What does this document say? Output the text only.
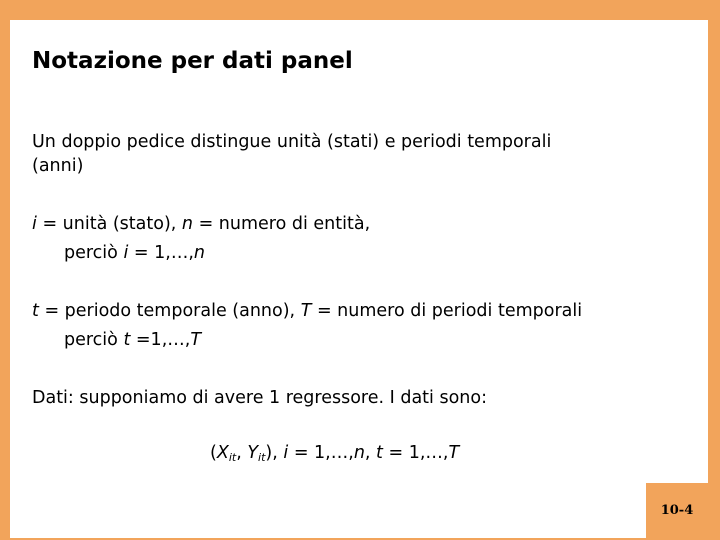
Notazione per dati panel

Un doppio pedice distingue unità (stati) e periodi temporali

(anni)

i = unità (stato), n = numero di entità,

perciò i = 1,…,n

t = periodo temporale (anno), T = numero di periodi temporali

perciò t =1,…,T

Dati: supponiamo di avere 1 regressore. I dati sono:

($X_{it}$, $Y_{it}$), i = 1,…,n, t = 1,…,T

10-4
